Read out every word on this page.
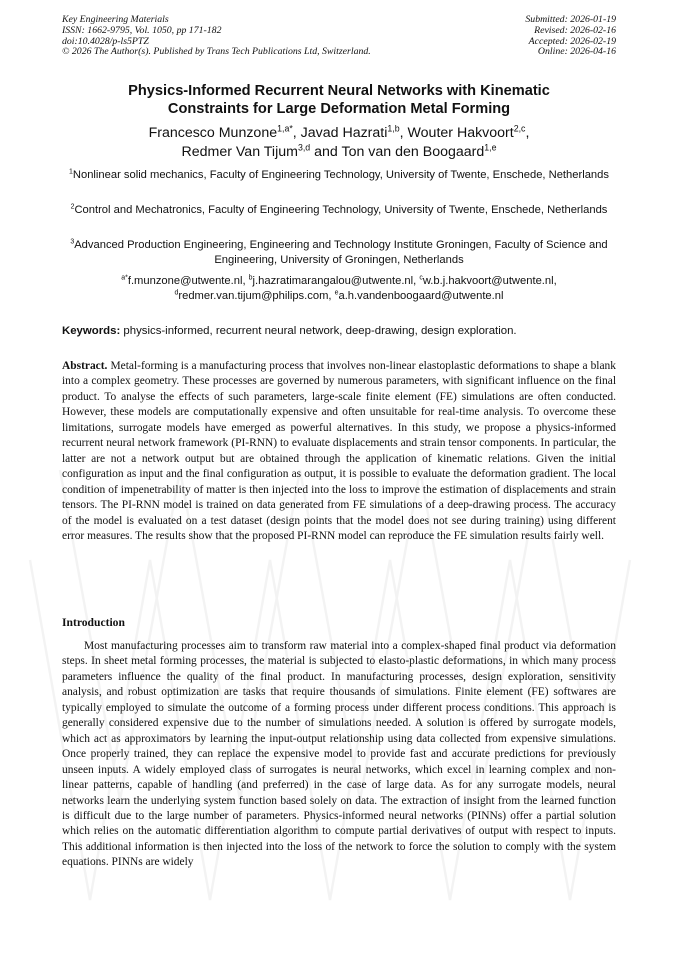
Key Engineering Materials
ISSN: 1662-9795, Vol. 1050, pp 171-182
doi:10.4028/p-ls5PTZ
© 2026 The Author(s). Published by Trans Tech Publications Ltd, Switzerland.
Submitted: 2026-01-19
Revised: 2026-02-16
Accepted: 2026-02-19
Online: 2026-04-16
Physics-Informed Recurrent Neural Networks with Kinematic
Constraints for Large Deformation Metal Forming
Francesco Munzone$^{1,a*}$, Javad Hazrati$^{1,b}$, Wouter Hakvoort$^{2,c}$,
Redmer Van Tijum$^{3,d}$ and Ton van den Boogaard$^{1,e}$
$^1$Nonlinear solid mechanics, Faculty of Engineering Technology, University of Twente, Enschede, Netherlands
$^2$Control and Mechatronics, Faculty of Engineering Technology, University of Twente, Enschede, Netherlands
$^3$Advanced Production Engineering, Engineering and Technology Institute Groningen, Faculty of Science and Engineering, University of Groningen, Netherlands
$^{a*}$f.munzone@utwente.nl, $^b$j.hazratimarangalou@utwente.nl, $^c$w.b.j.hakvoort@utwente.nl,
$^d$redmer.van.tijum@philips.com, $^e$a.h.vandenboogaard@utwente.nl
Keywords: physics-informed, recurrent neural network, deep-drawing, design exploration.
Abstract. Metal-forming is a manufacturing process that involves non-linear elastoplastic deformations to shape a blank into a complex geometry. These processes are governed by numerous parameters, with significant influence on the final product. To analyse the effects of such parameters, large-scale finite element (FE) simulations are often conducted. However, these models are computationally expensive and often unsuitable for real-time analysis. To overcome these limitations, surrogate models have emerged as powerful alternatives. In this study, we propose a physics-informed recurrent neural network framework (PI-RNN) to evaluate displacements and strain tensor components. In particular, the latter are not a network output but are obtained through the application of kinematic relations. Given the initial configuration as input and the final configuration as output, it is possible to evaluate the deformation gradient. The local condition of impenetrability of matter is then injected into the loss to improve the estimation of displacements and strain tensors. The PI-RNN model is trained on data generated from FE simulations of a deep-drawing process. The accuracy of the model is evaluated on a test dataset (design points that the model does not see during training) using different error measures. The results show that the proposed PI-RNN model can reproduce the FE simulation results fairly well.
Introduction
Most manufacturing processes aim to transform raw material into a complex-shaped final product via deformation steps. In sheet metal forming processes, the material is subjected to elasto-plastic deformations, in which many process parameters influence the quality of the final product. In manufacturing processes, design exploration, sensitivity analysis, and robust optimization are tasks that require thousands of simulations. Finite element (FE) softwares are typically employed to simulate the outcome of a forming process under different process conditions. This approach is generally considered expensive due to the number of simulations needed. A solution is offered by surrogate models, which act as approximators by learning the input-output relationship using data collected from expensive simulations. Once properly trained, they can replace the expensive model to provide fast and accurate predictions for previously unseen inputs. A widely employed class of surrogates is neural networks, which excel in learning complex and non-linear patterns, capable of handling (and preferred) in the case of large data. As for any surrogate models, neural networks learn the underlying system function based solely on data. The extraction of insight from the learned function is difficult due to the large number of parameters. Physics-informed neural networks (PINNs) offer a partial solution which relies on the automatic differentiation algorithm to compute partial derivatives of output with respect to inputs. This additional information is then injected into the loss of the network to force the solution to comply with the system equations. PINNs are widely
